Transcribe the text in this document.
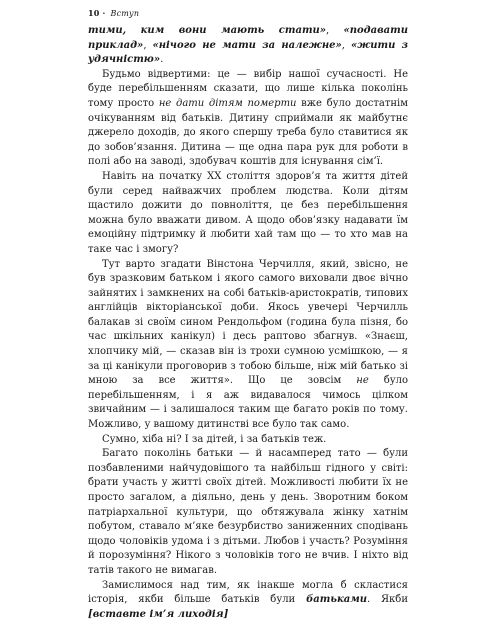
10 · Вступ

тими, ким вони мають стати», «подавати приклад», «нічого не мати за належне», «жити з удячністю».

Будьмо відвертими: це — вибір нашої сучасності. Не буде перебільшенням сказати, що лише кілька поколінь тому просто не дати дітям померти вже було достатнім очікуванням від батьків. Дитину сприймали як майбутнє джерело доходів, до якого спершу треба було ставитися як до зобов’язання. Дитина — ще одна пара рук для роботи в полі або на заводі, здобувач коштів для існування сім’ї.

Навіть на початку ХХ століття здоров’я та життя дітей були серед найважчих проблем людства. Коли дітям щастило дожити до повноліття, це без перебільшення можна було вважати дивом. А щодо обов’язку надавати їм емоційну підтримку й любити хай там що — то хто мав на таке час і змогу?

Тут варто згадати Вінстона Черчилля, який, звісно, не був зразковим батьком і якого самого виховали двоє вічно зайнятих і замкнених на собі батьків-аристократів, типових англійців вікторіанської доби. Якось увечері Черчилль балакав зі своїм сином Рендольфом (година була пізня, бо час шкільних канікул) і десь раптово збагнув. «Знаєш, хлопчику мій, — сказав він із трохи сумною усмішкою, — я за ці канікули проговорив з тобою більше, ніж мій батько зі мною за все життя». Що це зовсім не було перебільшенням, і я аж видавалося чимось цілком звичайним — і залишалося таким ще багато років по тому. Можливо, у вашому дитинстві все було так само.

Сумно, хіба ні? І за дітей, і за батьків теж.

Багато поколінь батьки — й насамперед тато — були позбавленими найчудовішого та найбільш гідного у світі: брати участь у житті своїх дітей. Можливості любити їх не просто загалом, а діяльно, день у день. Зворотним боком патріархальної культури, що обтяжувала жінку хатнім побутом, ставало м’яке безурбиство заниженних сподівань щодо чоловіків удома і з дітьми. Любов і участь? Розуміння й порозуміння? Нікого з чоловіків того не вчив. І ніхто від татів такого не вимагав.

Замислимося над тим, як інакше могла б скластися історія, якби більше батьків були батьками. Якби [вставте ім’я лиходія]
